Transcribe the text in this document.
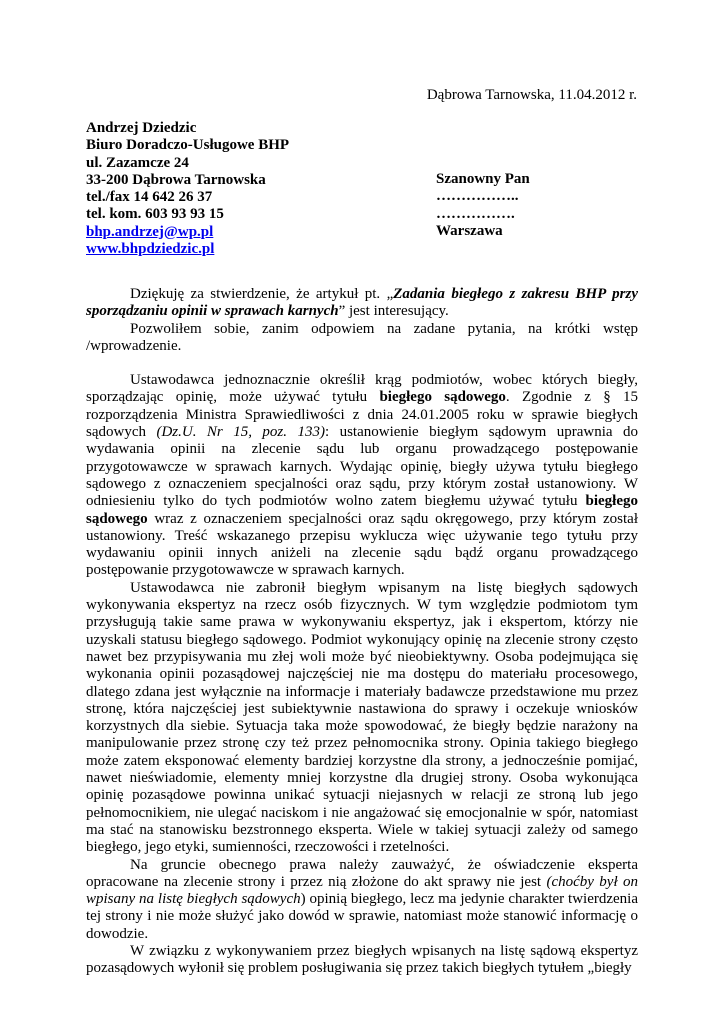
Dąbrowa Tarnowska, 11.04.2012 r.
Andrzej Dziedzic
Biuro Doradczo-Usługowe BHP
ul. Zazamcze 24
33-200 Dąbrowa Tarnowska
tel./fax 14 642 26 37
tel. kom. 603 93 93 15
bhp.andrzej@wp.pl
www.bhpdziedzic.pl
Szanowny Pan
……………..
…………….
Warszawa

Dziękuję za stwierdzenie, że artykuł pt. „Zadania biegłego z zakresu BHP przy sporządzaniu opinii w sprawach karnych” jest interesujący.

Pozwoliłem sobie, zanim odpowiem na zadane pytania, na krótki wstęp /wprowadzenie.

Ustawodawca jednoznacznie określił krąg podmiotów, wobec których biegły, sporządzając opinię, może używać tytułu biegłego sądowego. Zgodnie z § 15 rozporządzenia Ministra Sprawiedliwości z dnia 24.01.2005 roku w sprawie biegłych sądowych (Dz.U. Nr 15, poz. 133): ustanowienie biegłym sądowym uprawnia do wydawania opinii na zlecenie sądu lub organu prowadzącego postępowanie przygotowawcze w sprawach karnych. Wydając opinię, biegły używa tytułu biegłego sądowego z oznaczeniem specjalności oraz sądu, przy którym został ustanowiony. W odniesieniu tylko do tych podmiotów wolno zatem biegłemu używać tytułu biegłego sądowego wraz z oznaczeniem specjalności oraz sądu okręgowego, przy którym został ustanowiony. Treść wskazanego przepisu wyklucza więc używanie tego tytułu przy wydawaniu opinii innych aniżeli na zlecenie sądu bądź organu prowadzącego postępowanie przygotowawcze w sprawach karnych.

Ustawodawca nie zabronił biegłym wpisanym na listę biegłych sądowych wykonywania ekspertyz na rzecz osób fizycznych. W tym względzie podmiotom tym przysługują takie same prawa w wykonywaniu ekspertyz, jak i ekspertom, którzy nie uzyskali statusu biegłego sądowego. Podmiot wykonujący opinię na zlecenie strony często nawet bez przypisywania mu złej woli może być nieobiektywny. Osoba podejmująca się wykonania opinii pozasądowej najczęściej nie ma dostępu do materiału procesowego, dlatego zdana jest wyłącznie na informacje i materiały badawcze przedstawione mu przez stronę, która najczęściej jest subiektywnie nastawiona do sprawy i oczekuje wniosków korzystnych dla siebie. Sytuacja taka może spowodować, że biegły będzie narażony na manipulowanie przez stronę czy też przez pełnomocnika strony. Opinia takiego biegłego może zatem eksponować elementy bardziej korzystne dla strony, a jednocześnie pomijać, nawet nieświadomie, elementy mniej korzystne dla drugiej strony. Osoba wykonująca opinię pozasądowe powinna unikać sytuacji niejasnych w relacji ze stroną lub jego pełnomocnikiem, nie ulegać naciskom i nie angażować się emocjonalnie w spór, natomiast ma stać na stanowisku bezstronnego eksperta. Wiele w takiej sytuacji zależy od samego biegłego, jego etyki, sumienności, rzeczowości i rzetelności.

Na gruncie obecnego prawa należy zauważyć, że oświadczenie eksperta opracowane na zlecenie strony i przez nią złożone do akt sprawy nie jest (choćby był on wpisany na listę biegłych sądowych) opinią biegłego, lecz ma jedynie charakter twierdzenia tej strony i nie może służyć jako dowód w sprawie, natomiast może stanowić informację o dowodzie.

W związku z wykonywaniem przez biegłych wpisanych na listę sądową ekspertyz pozasądowych wyłonił się problem posługiwania się przez takich biegłych tytułem „biegły
